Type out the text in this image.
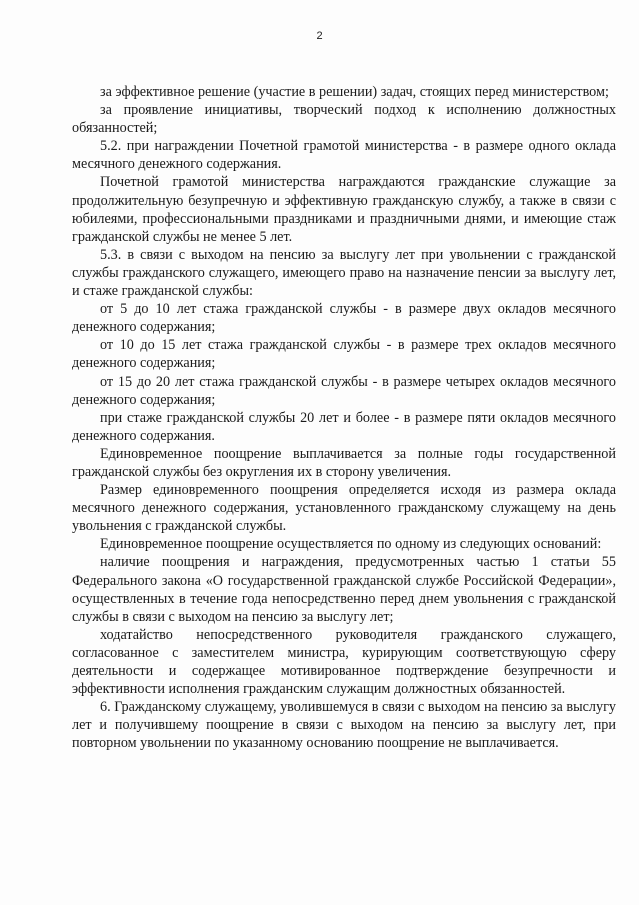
2

за эффективное решение (участие в решении) задач, стоящих перед министерством;

за проявление инициативы, творческий подход к исполнению должностных обязанностей;

5.2. при награждении Почетной грамотой министерства - в размере одного оклада месячного денежного содержания.

Почетной грамотой министерства награждаются гражданские служащие за продолжительную безупречную и эффективную гражданскую службу, а также в связи с юбилеями, профессиональными праздниками и праздничными днями, и имеющие стаж гражданской службы не менее 5 лет.

5.3. в связи с выходом на пенсию за выслугу лет при увольнении с гражданской службы гражданского служащего, имеющего право на назначение пенсии за выслугу лет, и стаже гражданской службы:

от 5 до 10 лет стажа гражданской службы - в размере двух окладов месячного денежного содержания;

от 10 до 15 лет стажа гражданской службы - в размере трех окладов месячного денежного содержания;

от 15 до 20 лет стажа гражданской службы - в размере четырех окладов месячного денежного содержания;

при стаже гражданской службы 20 лет и более - в размере пяти окладов месячного денежного содержания.

Единовременное поощрение выплачивается за полные годы государственной гражданской службы без округления их в сторону увеличения.

Размер единовременного поощрения определяется исходя из размера оклада месячного денежного содержания, установленного гражданскому служащему на день увольнения с гражданской службы.

Единовременное поощрение осуществляется по одному из следующих оснований:

наличие поощрения и награждения, предусмотренных частью 1 статьи 55 Федерального закона «О государственной гражданской службе Российской Федерации», осуществленных в течение года непосредственно перед днем увольнения с гражданской службы в связи с выходом на пенсию за выслугу лет;

ходатайство непосредственного руководителя гражданского служащего, согласованное с заместителем министра, курирующим соответствующую сферу деятельности и содержащее мотивированное подтверждение безупречности и эффективности исполнения гражданским служащим должностных обязанностей.

6. Гражданскому служащему, уволившемуся в связи с выходом на пенсию за выслугу лет и получившему поощрение в связи с выходом на пенсию за выслугу лет, при повторном увольнении по указанному основанию поощрение не выплачивается.
